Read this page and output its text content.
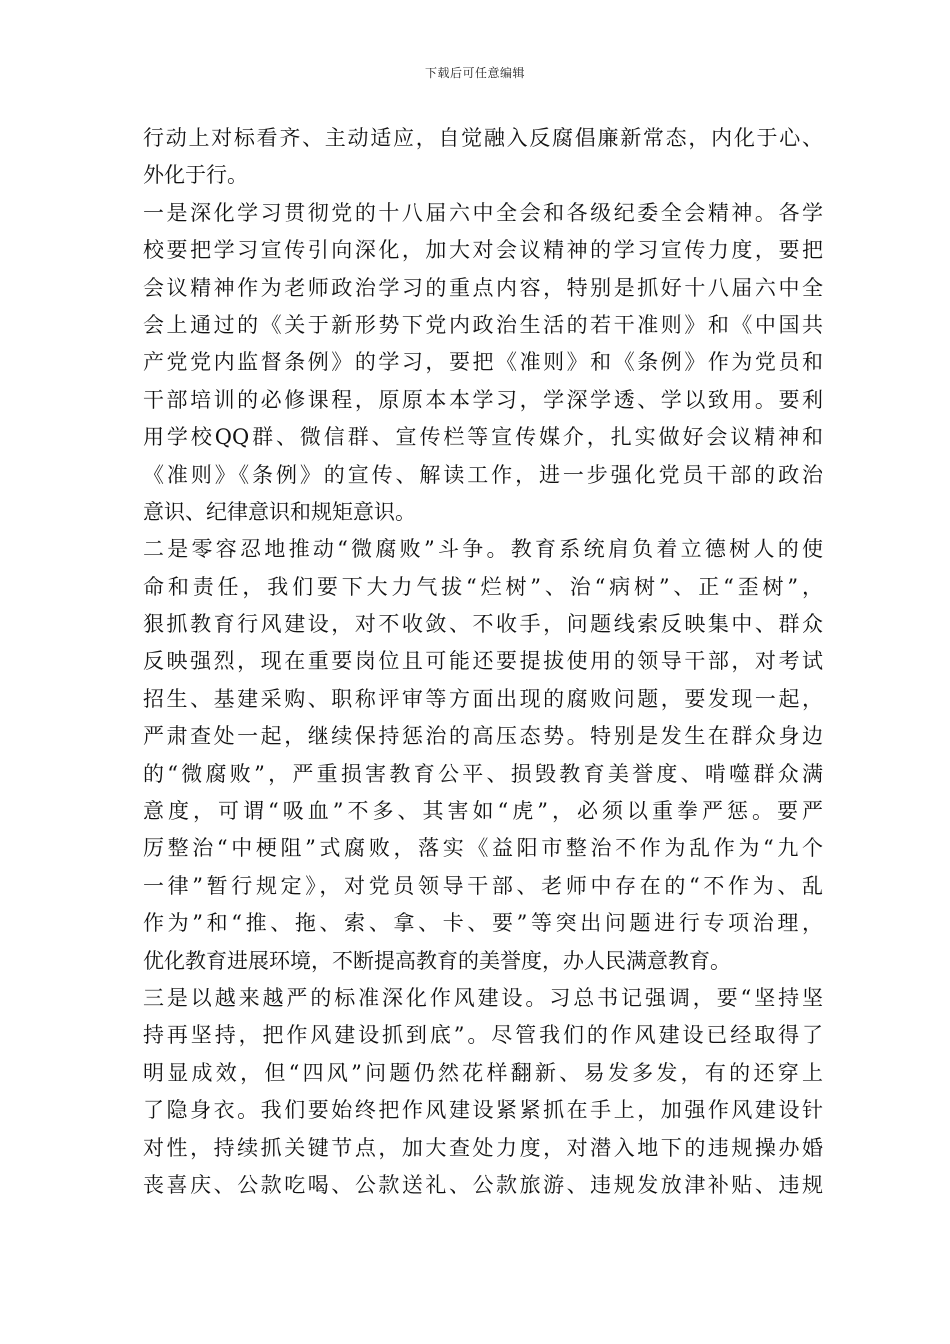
下载后可任意编辑
行动上对标看齐、主动适应，自觉融入反腐倡廉新常态，内化于心、
外化于行。
一是深化学习贯彻党的十八届六中全会和各级纪委全会精神。各学
校要把学习宣传引向深化，加大对会议精神的学习宣传力度，要把
会议精神作为老师政治学习的重点内容，特别是抓好十八届六中全
会上通过的《关于新形势下党内政治生活的若干准则》和《中国共
产党党内监督条例》的学习，要把《准则》和《条例》作为党员和
干部培训的必修课程，原原本本学习，学深学透、学以致用。要利
用学校QQ群、微信群、宣传栏等宣传媒介，扎实做好会议精神和
《准则》《条例》的宣传、解读工作，进一步强化党员干部的政治
意识、纪律意识和规矩意识。
二是零容忍地推动“微腐败”斗争。教育系统肩负着立德树人的使
命和责任，我们要下大力气拔“烂树”、治“病树”、正“歪树”，
狠抓教育行风建设，对不收敛、不收手，问题线索反映集中、群众
反映强烈，现在重要岗位且可能还要提拔使用的领导干部，对考试
招生、基建采购、职称评审等方面出现的腐败问题，要发现一起，
严肃查处一起，继续保持惩治的高压态势。特别是发生在群众身边
的“微腐败”，严重损害教育公平、损毁教育美誉度、啃噬群众满
意度，可谓“吸血”不多、其害如“虎”，必须以重拳严惩。要严
厉整治“中梗阻”式腐败，落实《益阳市整治不作为乱作为“九个
一律”暂行规定》，对党员领导干部、老师中存在的“不作为、乱
作为”和“推、拖、索、拿、卡、要”等突出问题进行专项治理，
优化教育进展环境，不断提高教育的美誉度，办人民满意教育。
三是以越来越严的标准深化作风建设。习总书记强调，要“坚持坚
持再坚持，把作风建设抓到底”。尽管我们的作风建设已经取得了
明显成效，但“四风”问题仍然花样翻新、易发多发，有的还穿上
了隐身衣。我们要始终把作风建设紧紧抓在手上，加强作风建设针
对性，持续抓关键节点，加大查处力度，对潜入地下的违规操办婚
丧喜庆、公款吃喝、公款送礼、公款旅游、违规发放津补贴、违规
